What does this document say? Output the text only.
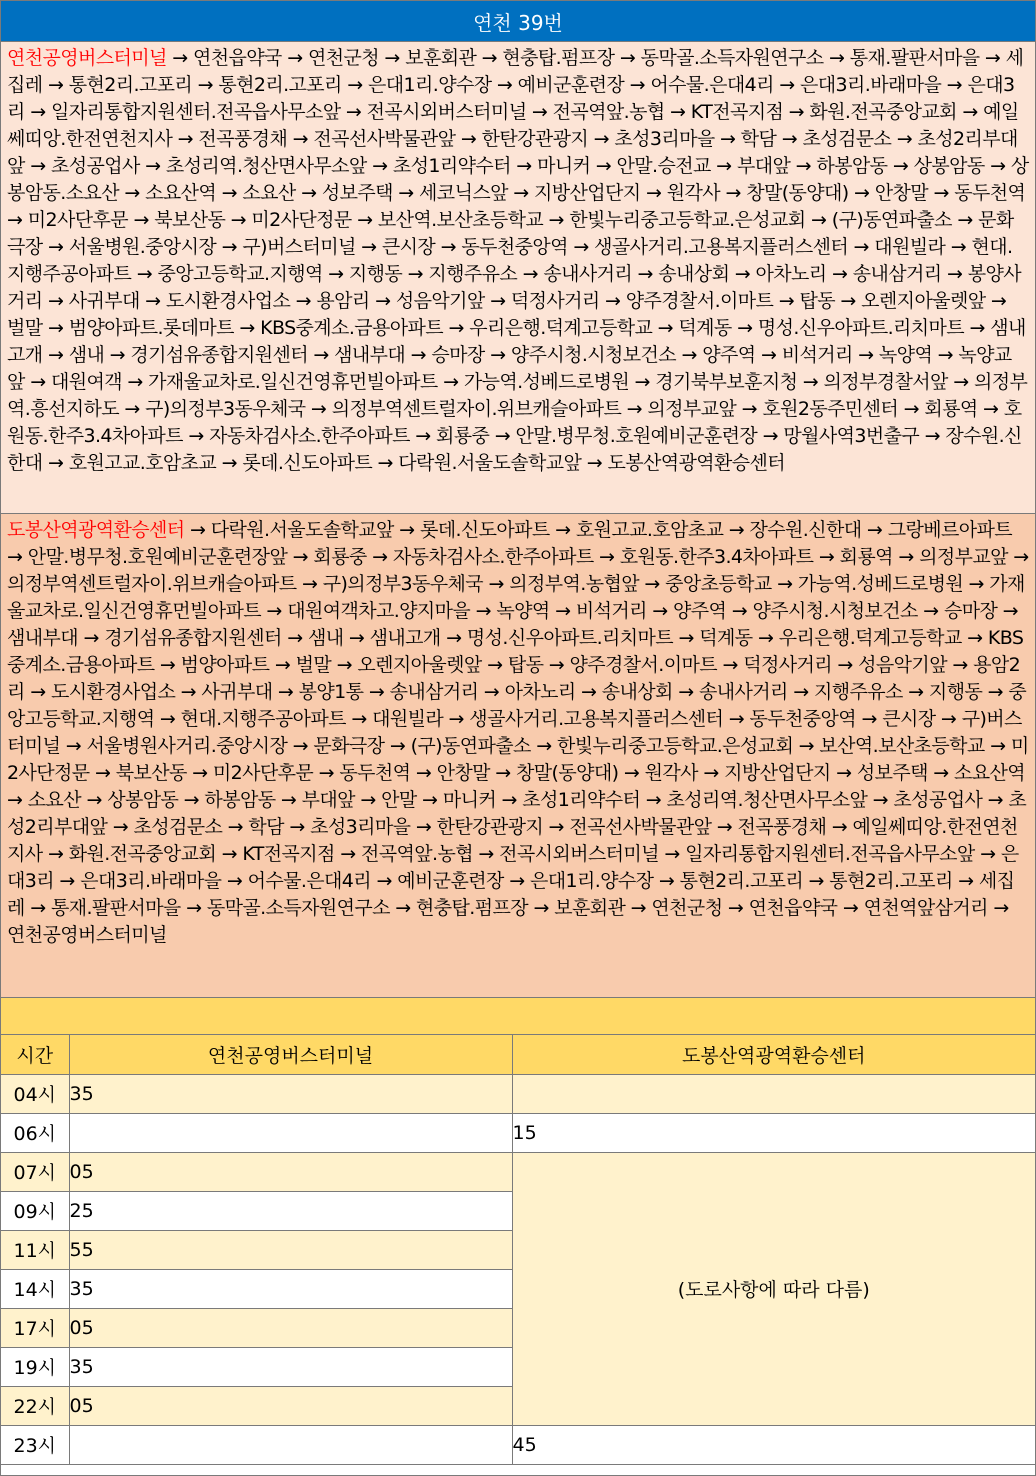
연천 39번
연천공영버스터미널 → 연천읍약국 → 연천군청 → 보훈회관 → 현충탑.펌프장 → 동막골.소득자원연구소 → 통재.팔판서마을 → 세집레 → 통현2리.고포리 → 통현2리.고포리 → 은대1리.양수장 → 예비군훈련장 → 어수물.은대4리 → 은대3리.바래마을 → 은대3리 → 일자리통합지원센터.전곡읍사무소앞 → 전곡시외버스터미널 → 전곡역앞.농협 → KT전곡지점 → 화원.전곡중앙교회 → 예일쎄띠앙.한전연천지사 → 전곡풍경채 → 전곡선사박물관앞 → 한탄강관광지 → 초성3리마을 → 학담 → 초성검문소 → 초성2리부대앞 → 초성공업사 → 초성리역.청산면사무소앞 → 초성1리약수터 → 마니커 → 안말.승전교 → 부대앞 → 하봉암동 → 상봉암동 → 상봉암동.소요산 → 소요산역 → 소요산 → 성보주택 → 세코닉스앞 → 지방산업단지 → 원각사 → 창말(동양대) → 안창말 → 동두천역 → 미2사단후문 → 북보산동 → 미2사단정문 → 보산역.보산초등학교 → 한빛누리중고등학교.은성교회 → (구)동연파출소 → 문화극장 → 서울병원.중앙시장 → 구)버스터미널 → 큰시장 → 동두천중앙역 → 생골사거리.고용복지플러스센터 → 대원빌라 → 현대.지행주공아파트 → 중앙고등학교.지행역 → 지행동 → 지행주유소 → 송내사거리 → 송내상회 → 아차노리 → 송내삼거리 → 봉양사거리 → 사귀부대 → 도시환경사업소 → 용암리 → 성음악기앞 → 덕정사거리 → 양주경찰서.이마트 → 탑동 → 오렌지아울렛앞 → 벌말 → 범양아파트.롯데마트 → KBS중계소.금용아파트 → 우리은행.덕계고등학교 → 덕계동 → 명성.신우아파트.리치마트 → 샘내고개 → 샘내 → 경기섬유종합지원센터 → 샘내부대 → 승마장 → 양주시청.시청보건소 → 양주역 → 비석거리 → 녹양역 → 녹양교앞 → 대원여객 → 가재울교차로.일신건영휴먼빌아파트 → 가능역.성베드로병원 → 경기북부보훈지청 → 의정부경찰서앞 → 의정부역.흥선지하도 → 구)의정부3동우체국 → 의정부역센트럴자이.위브캐슬아파트 → 의정부교앞 → 호원2동주민센터 → 회룡역 → 호원동.한주3.4차아파트 → 자동차검사소.한주아파트 → 회룡중 → 안말.병무청.호원예비군훈련장 → 망월사역3번출구 → 장수원.신한대 → 호원고교.호암초교 → 롯데.신도아파트 → 다락원.서울도솔학교앞 → 도봉산역광역환승센터
도봉산역광역환승센터 → 다락원.서울도솔학교앞 → 롯데.신도아파트 → 호원고교.호암초교 → 장수원.신한대 → 그랑베르아파트 → 안말.병무청.호원예비군훈련장앞 → 회룡중 → 자동차검사소.한주아파트 → 호원동.한주3.4차아파트 → 회룡역 → 의정부교앞 → 의정부역센트럴자이.위브캐슬아파트 → 구)의정부3동우체국 → 의정부역.농협앞 → 중앙초등학교 → 가능역.성베드로병원 → 가재울교차로.일신건영휴먼빌아파트 → 대원여객차고.양지마을 → 녹양역 → 비석거리 → 양주역 → 양주시청.시청보건소 → 승마장 → 샘내부대 → 경기섬유종합지원센터 → 샘내 → 샘내고개 → 명성.신우아파트.리치마트 → 덕계동 → 우리은행.덕계고등학교 → KBS중계소.금용아파트 → 범양아파트 → 벌말 → 오렌지아울렛앞 → 탑동 → 양주경찰서.이마트 → 덕정사거리 → 성음악기앞 → 용암2리 → 도시환경사업소 → 사귀부대 → 봉양1통 → 송내삼거리 → 아차노리 → 송내상회 → 송내사거리 → 지행주유소 → 지행동 → 중앙고등학교.지행역 → 현대.지행주공아파트 → 대원빌라 → 생골사거리.고용복지플러스센터 → 동두천중앙역 → 큰시장 → 구)버스터미널 → 서울병원사거리.중앙시장 → 문화극장 → (구)동연파출소 → 한빛누리중고등학교.은성교회 → 보산역.보산초등학교 → 미2사단정문 → 북보산동 → 미2사단후문 → 동두천역 → 안창말 → 창말(동양대) → 원각사 → 지방산업단지 → 성보주택 → 소요산역 → 소요산 → 상봉암동 → 하봉암동 → 부대앞 → 안말 → 마니커 → 초성1리약수터 → 초성리역.청산면사무소앞 → 초성공업사 → 초성2리부대앞 → 초성검문소 → 학담 → 초성3리마을 → 한탄강관광지 → 전곡선사박물관앞 → 전곡풍경채 → 예일쎄띠앙.한전연천지사 → 화원.전곡중앙교회 → KT전곡지점 → 전곡역앞.농협 → 전곡시외버스터미널 → 일자리통합지원센터.전곡읍사무소앞 → 은대3리 → 은대3리.바래마을 → 어수물.은대4리 → 예비군훈련장 → 은대1리.양수장 → 통현2리.고포리 → 통현2리.고포리 → 세집레 → 통재.팔판서마을 → 동막골.소득자원연구소 → 현충탑.펌프장 → 보훈회관 → 연천군청 → 연천읍약국 → 연천역앞삼거리 → 연천공영버스터미널
시간	연천공영버스터미널	도봉산역광역환승센터
04시	35	
06시		15
07시	05	(도로사항에 따라 다름)
09시	25	
11시	55	
14시	35	
17시	05	
19시	35	
22시	05	
23시		45
